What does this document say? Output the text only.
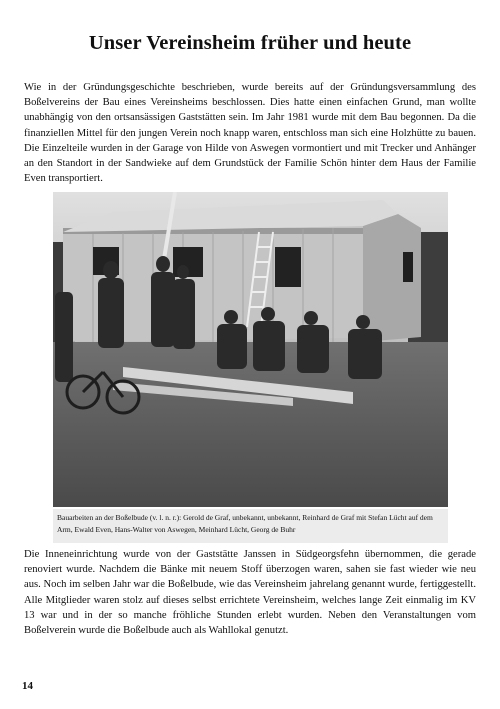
Unser Vereinsheim früher und heute

Wie in der Gründungsgeschichte beschrieben, wurde bereits auf der Gründungsversammlung des Boßelvereins der Bau eines Vereinsheims beschlossen. Dies hatte einen einfachen Grund, man wollte unabhängig von den ortsansässigen Gaststätten sein. Im Jahr 1981 wurde mit dem Bau begonnen. Da die finanziellen Mittel für den jungen Verein noch knapp waren, entschloss man sich eine Holzhütte zu bauen. Die Einzelteile wurden in der Garage von Hilde von Aswegen vormontiert und mit Trecker und Anhänger an den Standort in der Sandwieke auf dem Grundstück der Familie Schön hinter dem Haus der Familie Even transportiert.

Bauarbeiten an der Boßelbude (v. l. n. r.): Gerold de Graf, unbekannt, unbekannt, Reinhard de Graf mit Stefan Lücht auf dem Arm, Ewald Even, Hans-Walter von Aswegen, Meinhard Lücht, Georg de Buhr

Die Inneneinrichtung wurde von der Gaststätte Janssen in Südgeorgsfehn übernommen, die gerade renoviert wurde. Nachdem die Bänke mit neuem Stoff überzogen waren, sahen sie fast wieder wie neu aus. Noch im selben Jahr war die Boßelbude, wie das Vereinsheim jahrelang genannt wurde, fertiggestellt. Alle Mitglieder waren stolz auf dieses selbst errichtete Vereinsheim, welches lange Zeit einmalig im KV 13 war und in der so manche fröhliche Stunden erlebt wurden. Neben den Veranstaltungen vom Boßelverein wurde die Boßelbude auch als Wahllokal genutzt.

14
